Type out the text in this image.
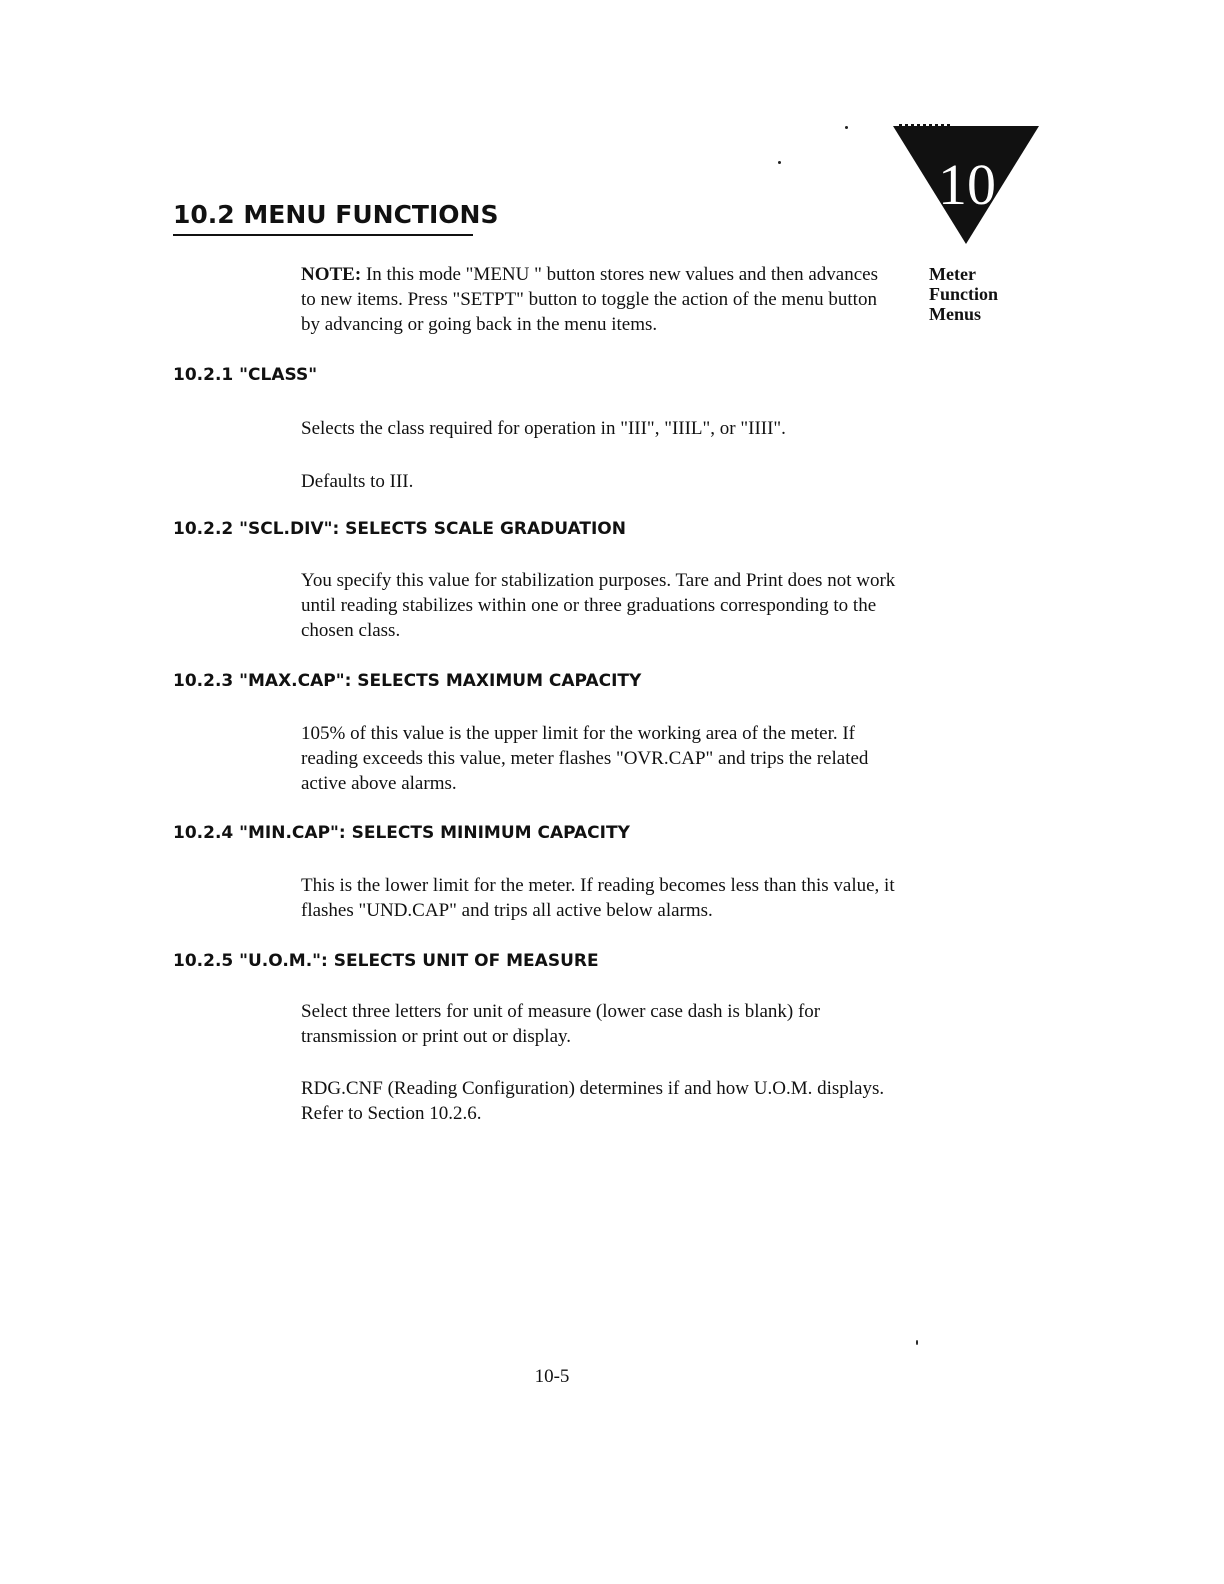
10

Meter
Function
Menus

10.2 MENU FUNCTIONS

NOTE: In this mode "MENU " button stores new values and then advances to new items. Press "SETPT" button to toggle the action of the menu button by advancing or going back in the menu items.

10.2.1 "CLASS"

Selects the class required for operation in "III", "IIIL", or "IIII".

Defaults to III.

10.2.2 "SCL.DIV": SELECTS SCALE GRADUATION

You specify this value for stabilization purposes. Tare and Print does not work until reading stabilizes within one or three graduations corresponding to the chosen class.

10.2.3 "MAX.CAP": SELECTS MAXIMUM CAPACITY

105% of this value is the upper limit for the working area of the meter. If reading exceeds this value, meter flashes "OVR.CAP" and trips the related active above alarms.

10.2.4 "MIN.CAP": SELECTS MINIMUM CAPACITY

This is the lower limit for the meter. If reading becomes less than this value, it flashes "UND.CAP" and trips all active below alarms.

10.2.5 "U.O.M.": SELECTS UNIT OF MEASURE

Select three letters for unit of measure (lower case dash is blank) for transmission or print out or display.

RDG.CNF (Reading Configuration) determines if and how U.O.M. displays. Refer to Section 10.2.6.

10-5
